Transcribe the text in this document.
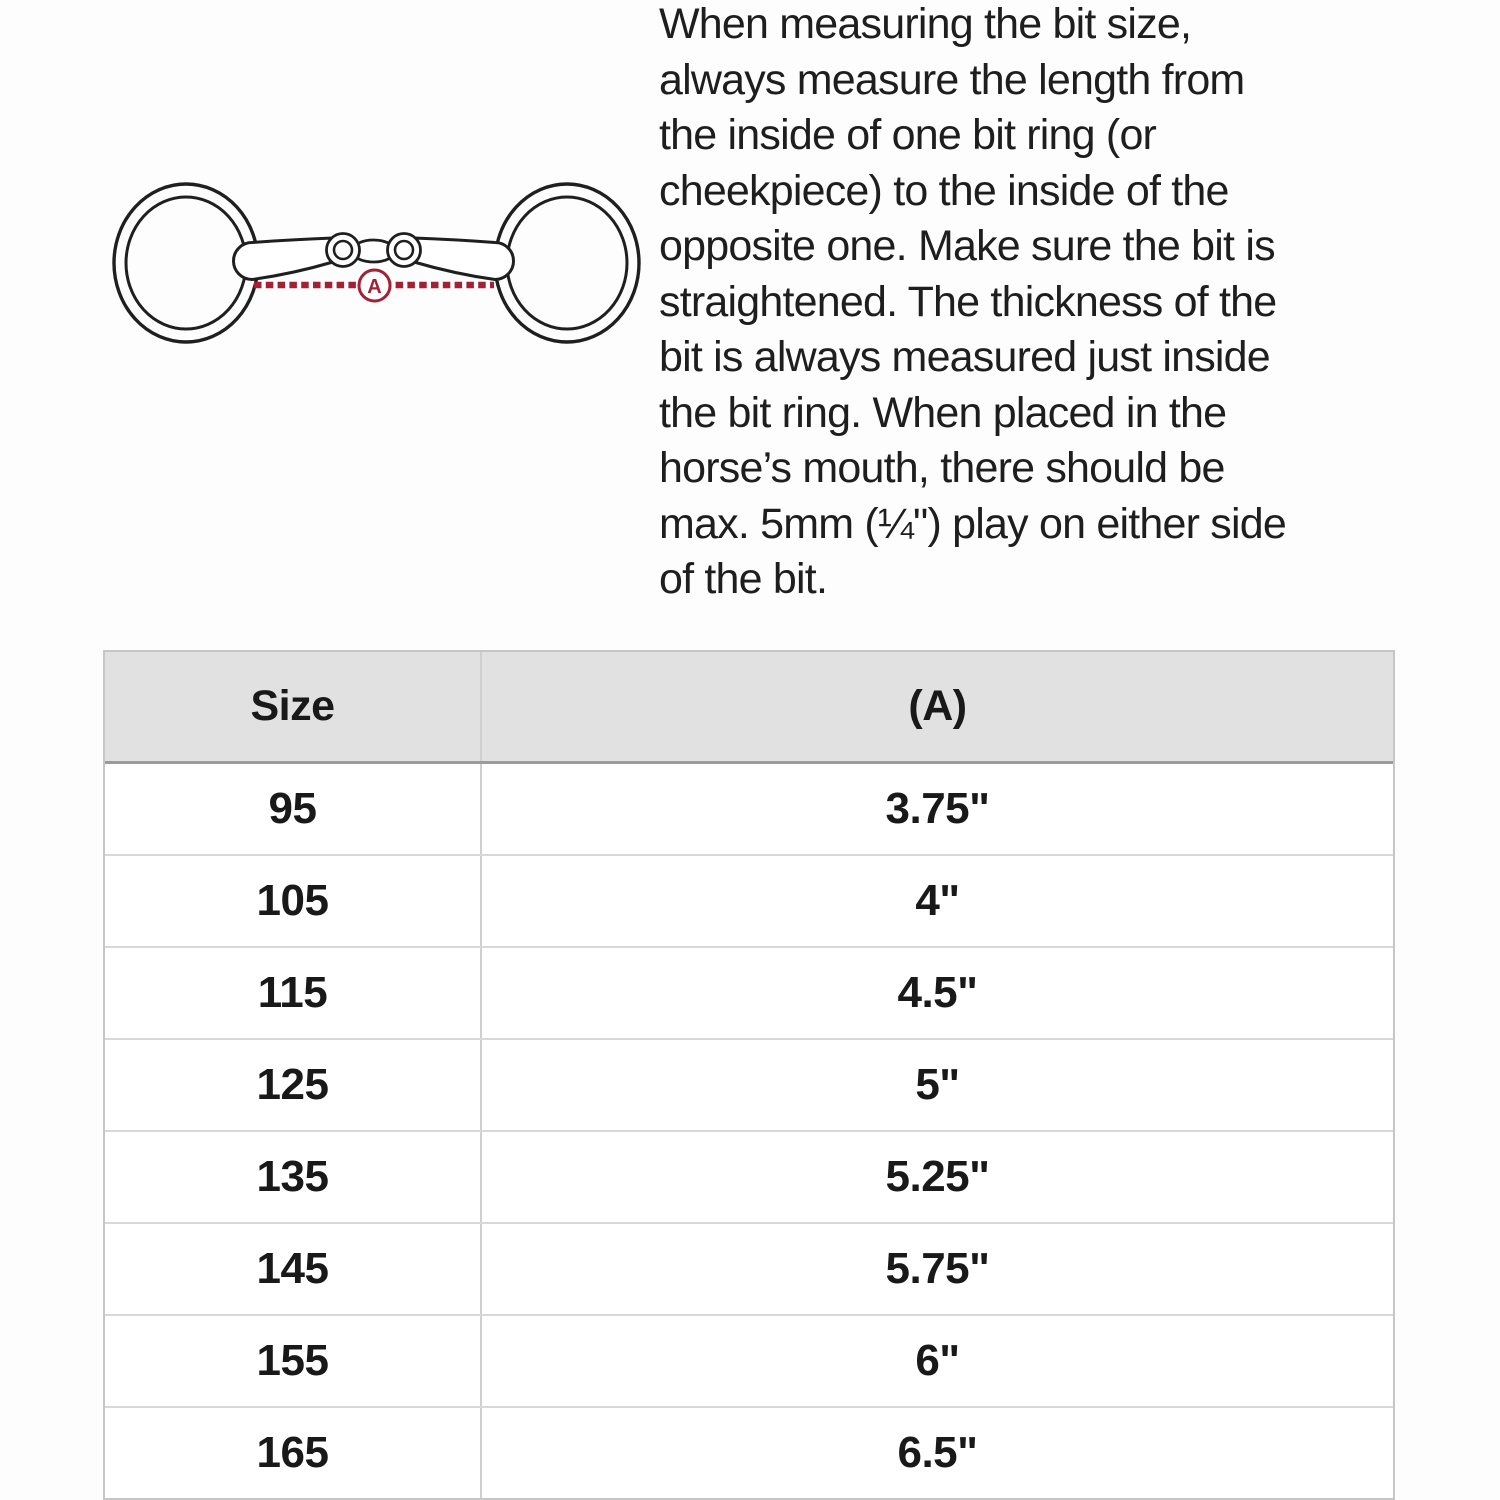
A
When measuring the bit size,
always measure the length from
the inside of one bit ring (or
cheekpiece) to the inside of the
opposite one. Make sure the bit is
straightened. The thickness of the
bit is always measured just inside
the bit ring. When placed in the
horse’s mouth, there should be
max. 5mm (¼") play on either side
of the bit.
Size	(A)
95	3.75"
105	4"
115	4.5"
125	5"
135	5.25"
145	5.75"
155	6"
165	6.5"
